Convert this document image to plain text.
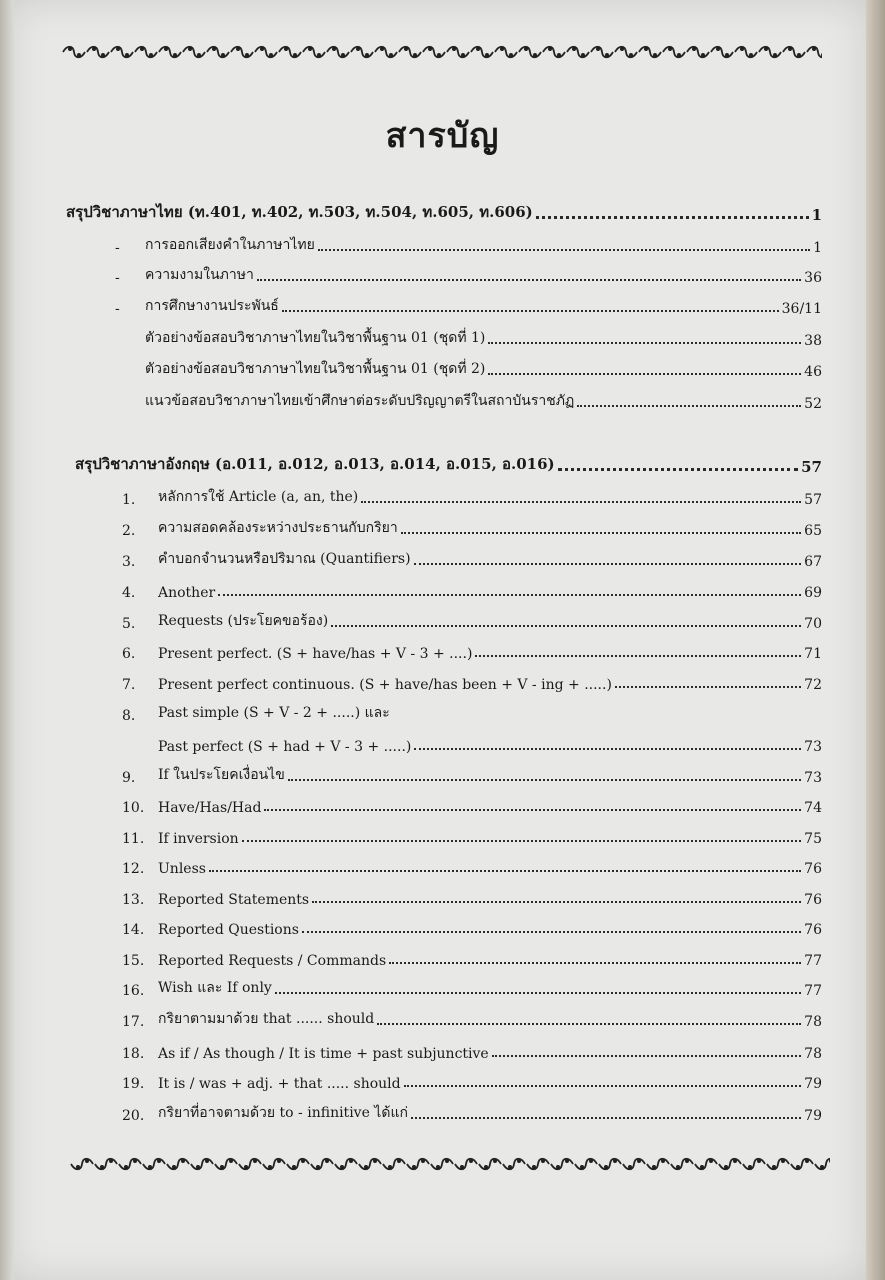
สารบัญ
สรุปวิชาภาษาไทย (ท.401, ท.402, ท.503, ท.504, ท.605, ท.606)	1
-	การออกเสียงคำในภาษาไทย	1
-	ความงามในภาษา	36
-	การศึกษางานประพันธ์	36/11
ตัวอย่างข้อสอบวิชาภาษาไทยในวิชาพื้นฐาน 01 (ชุดที่ 1)	38
ตัวอย่างข้อสอบวิชาภาษาไทยในวิชาพื้นฐาน 01 (ชุดที่ 2)	46
แนวข้อสอบวิชาภาษาไทยเข้าศึกษาต่อระดับปริญญาตรีในสถาบันราชภัฏ	52
สรุปวิชาภาษาอังกฤษ (อ.011, อ.012, อ.013, อ.014, อ.015, อ.016)	57
1.	หลักการใช้ Article (a, an, the)	57
2.	ความสอดคล้องระหว่างประธานกับกริยา	65
3.	คำบอกจำนวนหรือปริมาณ (Quantifiers)	67
4.	Another	69
5.	Requests (ประโยคขอร้อง)	70
6.	Present perfect. (S + have/has + V - 3 + ....)	71
7.	Present perfect continuous. (S + have/has been + V - ing + .....)	72
8.	Past simple (S + V - 2 + .....) และ
Past perfect (S + had + V - 3 + .....)	73
9.	If ในประโยคเงื่อนไข	73
10. Have/Has/Had	74
11. If inversion	75
12. Unless	76
13. Reported Statements	76
14. Reported Questions	76
15. Reported Requests / Commands	77
16. Wish และ If only	77
17. กริยาตามมาด้วย that ...... should	78
18. As if / As though / It is time + past subjunctive	78
19. It is / was + adj. + that ..... should	79
20. กริยาที่อาจตามด้วย to - infinitive ได้แก่	79
